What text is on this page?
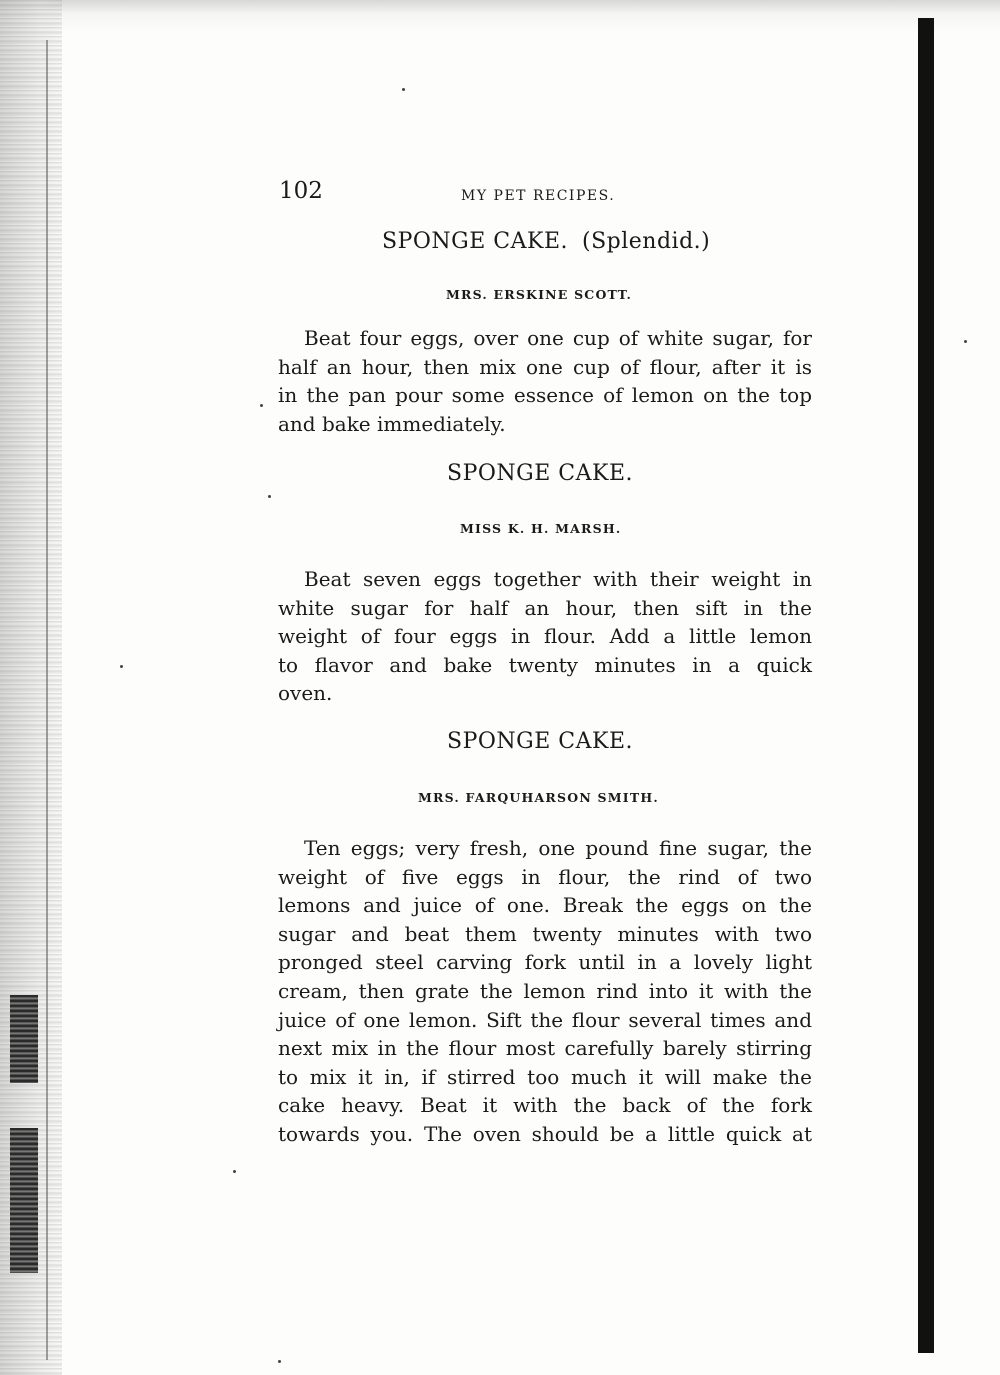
102	MY PET RECIPES.
SPONGE CAKE. (Splendid.)
MRS. ERSKINE SCOTT.
Beat four eggs, over one cup of white sugar, for
half an hour, then mix one cup of flour, after it is
in the pan pour some essence of lemon on the top
and bake immediately.
SPONGE CAKE.
MISS K. H. MARSH.
Beat seven eggs together with their weight in
white sugar for half an hour, then sift in the
weight of four eggs in flour. Add a little lemon
to flavor and bake twenty minutes in a quick
oven.
SPONGE CAKE.
MRS. FARQUHARSON SMITH.
Ten eggs; very fresh, one pound fine sugar, the
weight of five eggs in flour, the rind of two
lemons and juice of one. Break the eggs on the
sugar and beat them twenty minutes with two
pronged steel carving fork until in a lovely light
cream, then grate the lemon rind into it with the
juice of one lemon. Sift the flour several times and
next mix in the flour most carefully barely stirring
to mix it in, if stirred too much it will make the
cake heavy. Beat it with the back of the fork
towards you. The oven should be a little quick at
